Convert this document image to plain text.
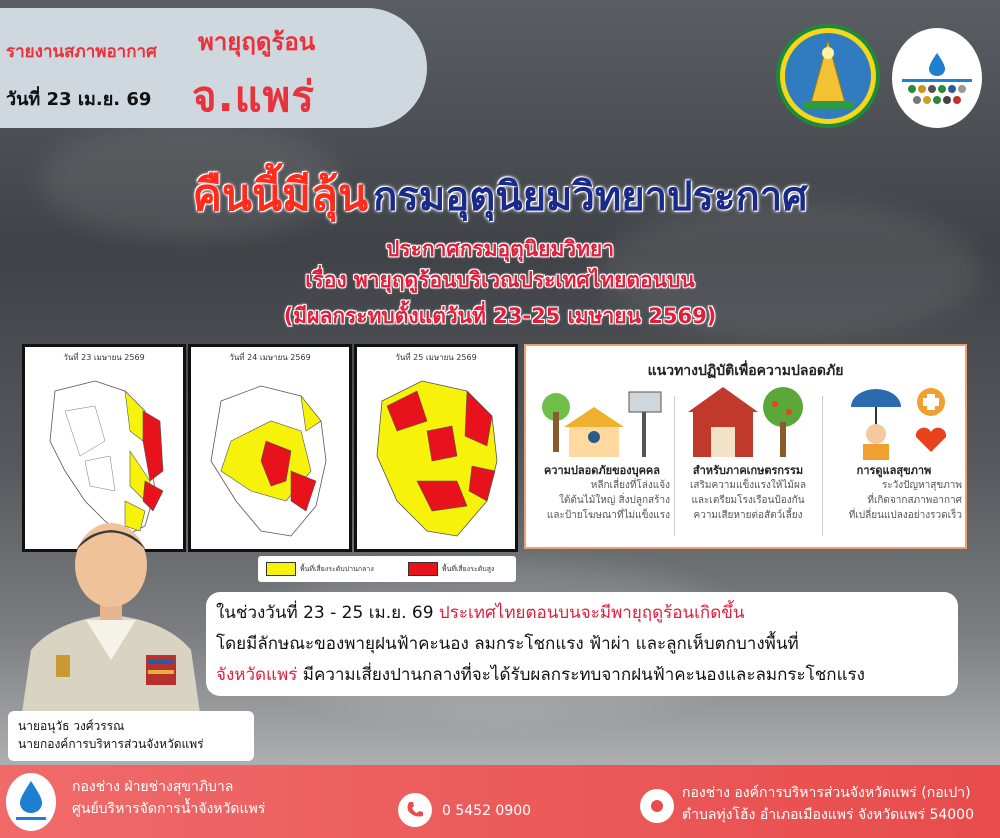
รายงานสภาพอากาศ
วันที่ 23 เม.ย. 69
พายุฤดูร้อน
จ.แพร่
คืนนี้มีลุ้น กรมอุตุนิยมวิทยาประกาศ
ประกาศกรมอุตุนิยมวิทยา
เรื่อง พายุฤดูร้อนบริเวณประเทศไทยตอนบน
(มีผลกระทบตั้งแต่วันที่ 23-25 เมษายน 2569)
วันที่ 23 เมษายน 2569	วันที่ 24 เมษายน 2569	วันที่ 25 เมษายน 2569
พื้นที่เสี่ยงระดับปานกลาง	พื้นที่เสี่ยงระดับสูง
แนวทางปฏิบัติเพื่อความปลอดภัย
ความปลอดภัยของบุคคล
หลีกเลี่ยงที่โล่งแจ้ง
ใต้ต้นไม้ใหญ่ สิ่งปลูกสร้าง
และป้ายโฆษณาที่ไม่แข็งแรง
สำหรับภาคเกษตรกรรม
เสริมความแข็งแรงให้ไม้ผล
และเตรียมโรงเรือนป้องกัน
ความเสียหายต่อสัตว์เลี้ยง
การดูแลสุขภาพ
ระวังปัญหาสุขภาพ
ที่เกิดจากสภาพอากาศ
ที่เปลี่ยนแปลงอย่างรวดเร็ว
ในช่วงวันที่ 23 - 25 เม.ย. 69 ประเทศไทยตอนบนจะมีพายุฤดูร้อนเกิดขึ้น
โดยมีลักษณะของพายุฝนฟ้าคะนอง ลมกระโชกแรง ฟ้าผ่า และลูกเห็บตกบางพื้นที่
จังหวัดแพร่ มีความเสี่ยงปานกลางที่จะได้รับผลกระทบจากฝนฟ้าคะนองและลมกระโชกแรง
นายอนุวัธ วงศ์วรรณ
นายกองค์การบริหารส่วนจังหวัดแพร่
กองช่าง ฝ่ายช่างสุขาภิบาล
ศูนย์บริหารจัดการน้ำจังหวัดแพร่	0 5452 0900
กองช่าง องค์การบริหารส่วนจังหวัดแพร่ (กอเปา)
ตำบลทุ่งโฮ้ง อำเภอเมืองแพร่ จังหวัดแพร่ 54000
